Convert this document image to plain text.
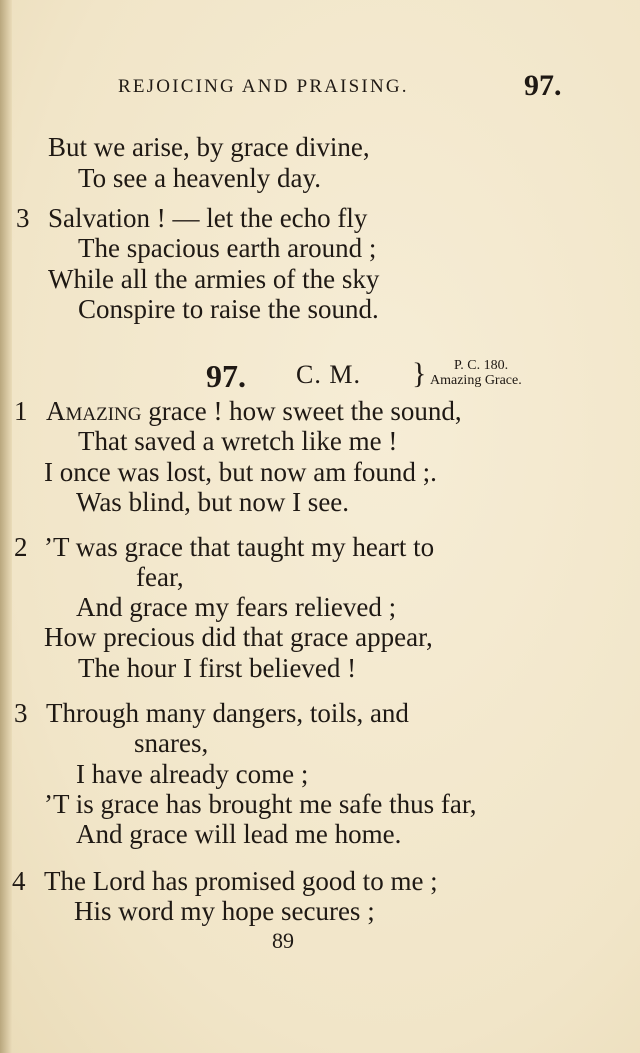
REJOICING AND PRAISING.	97.
But we arise, by grace divine,
To see a heavenly day.
3 Salvation ! — let the echo fly
The spacious earth around ;
While all the armies of the sky
Conspire to raise the sound.
97. C. M. } P. C. 180.
Amazing Grace.
1 Amazing grace ! how sweet the sound,
That saved a wretch like me !
I once was lost, but now am found ;.
Was blind, but now I see.
2 ’T was grace that taught my heart to
fear,
And grace my fears relieved ;
How precious did that grace appear,
The hour I first believed !
3 Through many dangers, toils, and
snares,
I have already come ;
’T is grace has brought me safe thus far,
And grace will lead me home.
4 The Lord has promised good to me ;
His word my hope secures ;
89
